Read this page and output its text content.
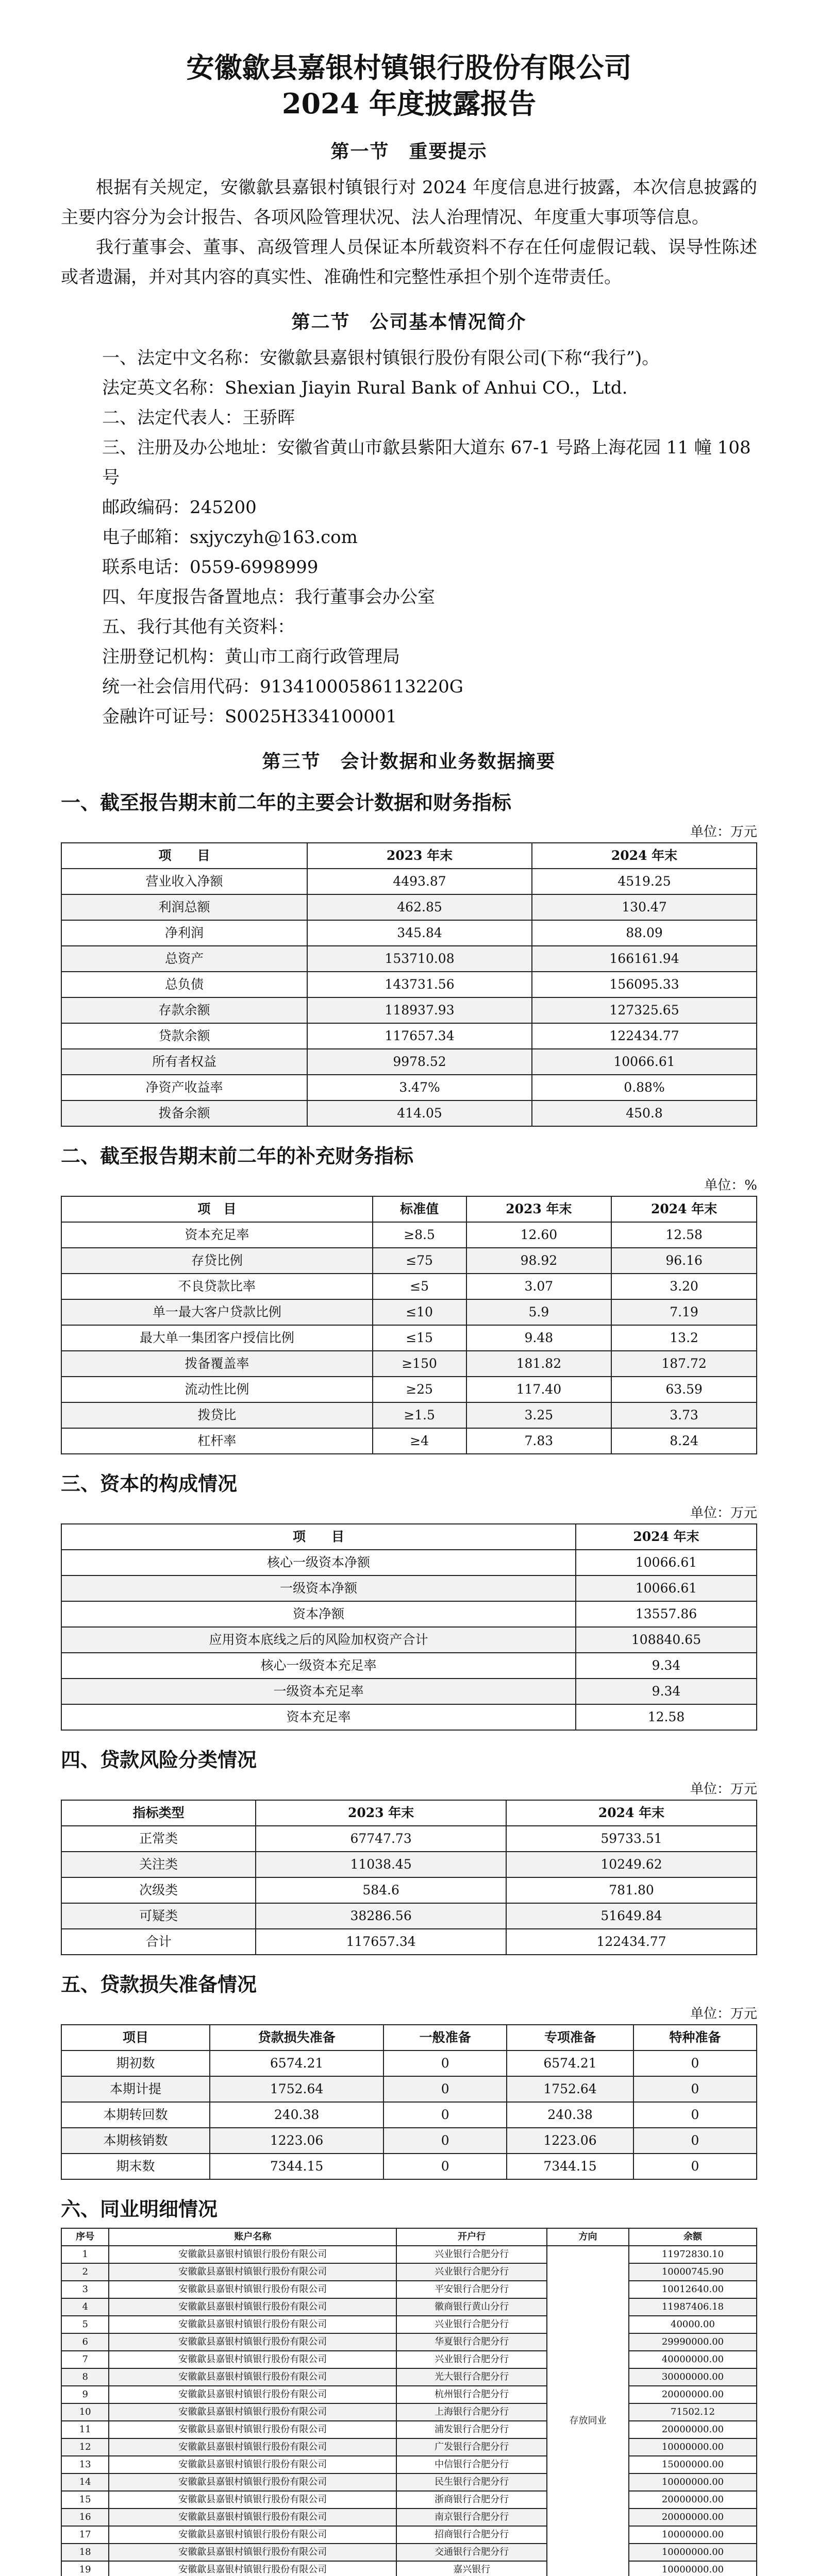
安徽歙县嘉银村镇银行股份有限公司
2024 年度披露报告
第一节　重要提示

根据有关规定，安徽歙县嘉银村镇银行对 2024 年度信息进行披露，本次信息披露的主要内容分为会计报告、各项风险管理状况、法人治理情况、年度重大事项等信息。

我行董事会、董事、高级管理人员保证本所载资料不存在任何虚假记载、误导性陈述或者遗漏，并对其内容的真实性、准确性和完整性承担个别个连带责任。

第二节　公司基本情况简介

一、法定中文名称：安徽歙县嘉银村镇银行股份有限公司(下称“我行”)。

法定英文名称：Shexian Jiayin Rural Bank of Anhui CO.，Ltd.

二、法定代表人：王骄晖

三、注册及办公地址：安徽省黄山市歙县紫阳大道东 67-1 号路上海花园 11 幢 108 号

邮政编码：245200

电子邮箱：sxjyczyh@163.com

联系电话：0559-6998999

四、年度报告备置地点：我行董事会办公室

五、我行其他有关资料：

注册登记机构：黄山市工商行政管理局

统一社会信用代码：91341000586113220G

金融许可证号：S0025H334100001

第三节　会计数据和业务数据摘要
一、截至报告期末前二年的主要会计数据和财务指标
单位：万元
项　　目	2023 年末	2024 年末
营业收入净额	4493.87	4519.25
利润总额	462.85	130.47
净利润	345.84	88.09
总资产	153710.08	166161.94
总负债	143731.56	156095.33
存款余额	118937.93	127325.65
贷款余额	117657.34	122434.77
所有者权益	9978.52	10066.61
净资产收益率	3.47%	0.88%
拨备余额	414.05	450.8
二、截至报告期末前二年的补充财务指标
单位：%
项　目	标准值	2023 年末	2024 年末
资本充足率	≥8.5	12.60	12.58
存贷比例	≤75	98.92	96.16
不良贷款比率	≤5	3.07	3.20
单一最大客户贷款比例	≤10	5.9	7.19
最大单一集团客户授信比例	≤15	9.48	13.2
拨备覆盖率	≥150	181.82	187.72
流动性比例	≥25	117.40	63.59
拨贷比	≥1.5	3.25	3.73
杠杆率	≥4	7.83	8.24
三、资本的构成情况
单位：万元
项　　目	2024 年末
核心一级资本净额	10066.61
一级资本净额	10066.61
资本净额	13557.86
应用资本底线之后的风险加权资产合计	108840.65
核心一级资本充足率	9.34
一级资本充足率	9.34
资本充足率	12.58
四、贷款风险分类情况
单位：万元
指标类型	2023 年末	2024 年末
正常类	67747.73	59733.51
关注类	11038.45	10249.62
次级类	584.6	781.80
可疑类	38286.56	51649.84
合计	117657.34	122434.77
五、贷款损失准备情况
单位：万元
项目	贷款损失准备	一般准备	专项准备	特种准备
期初数	6574.21	0	6574.21	0
本期计提	1752.64	0	1752.64	0
本期转回数	240.38	0	240.38	0
本期核销数	1223.06	0	1223.06	0
期末数	7344.15	0	7344.15	0
六、同业明细情况
序号	账户名称	开户行	方向	余额
1	安徽歙县嘉银村镇银行股份有限公司	兴业银行合肥分行	存放同业	11972830.10
2	安徽歙县嘉银村镇银行股份有限公司	兴业银行合肥分行		10000745.90
3	安徽歙县嘉银村镇银行股份有限公司	平安银行合肥分行		10012640.00
4	安徽歙县嘉银村镇银行股份有限公司	徽商银行黄山分行		11987406.18
5	安徽歙县嘉银村镇银行股份有限公司	兴业银行合肥分行		40000.00
6	安徽歙县嘉银村镇银行股份有限公司	华夏银行合肥分行		29990000.00
7	安徽歙县嘉银村镇银行股份有限公司	兴业银行合肥分行		40000000.00
8	安徽歙县嘉银村镇银行股份有限公司	光大银行合肥分行		30000000.00
9	安徽歙县嘉银村镇银行股份有限公司	杭州银行合肥分行		20000000.00
10	安徽歙县嘉银村镇银行股份有限公司	上海银行合肥分行		71502.12
11	安徽歙县嘉银村镇银行股份有限公司	浦发银行合肥分行		20000000.00
12	安徽歙县嘉银村镇银行股份有限公司	广发银行合肥分行		10000000.00
13	安徽歙县嘉银村镇银行股份有限公司	中信银行合肥分行		15000000.00
14	安徽歙县嘉银村镇银行股份有限公司	民生银行合肥分行		10000000.00
15	安徽歙县嘉银村镇银行股份有限公司	浙商银行合肥分行		20000000.00
16	安徽歙县嘉银村镇银行股份有限公司	南京银行合肥分行		20000000.00
17	安徽歙县嘉银村镇银行股份有限公司	招商银行合肥分行		10000000.00
18	安徽歙县嘉银村镇银行股份有限公司	交通银行合肥分行		10000000.00
19	安徽歙县嘉银村镇银行股份有限公司	嘉兴银行		10000000.00
